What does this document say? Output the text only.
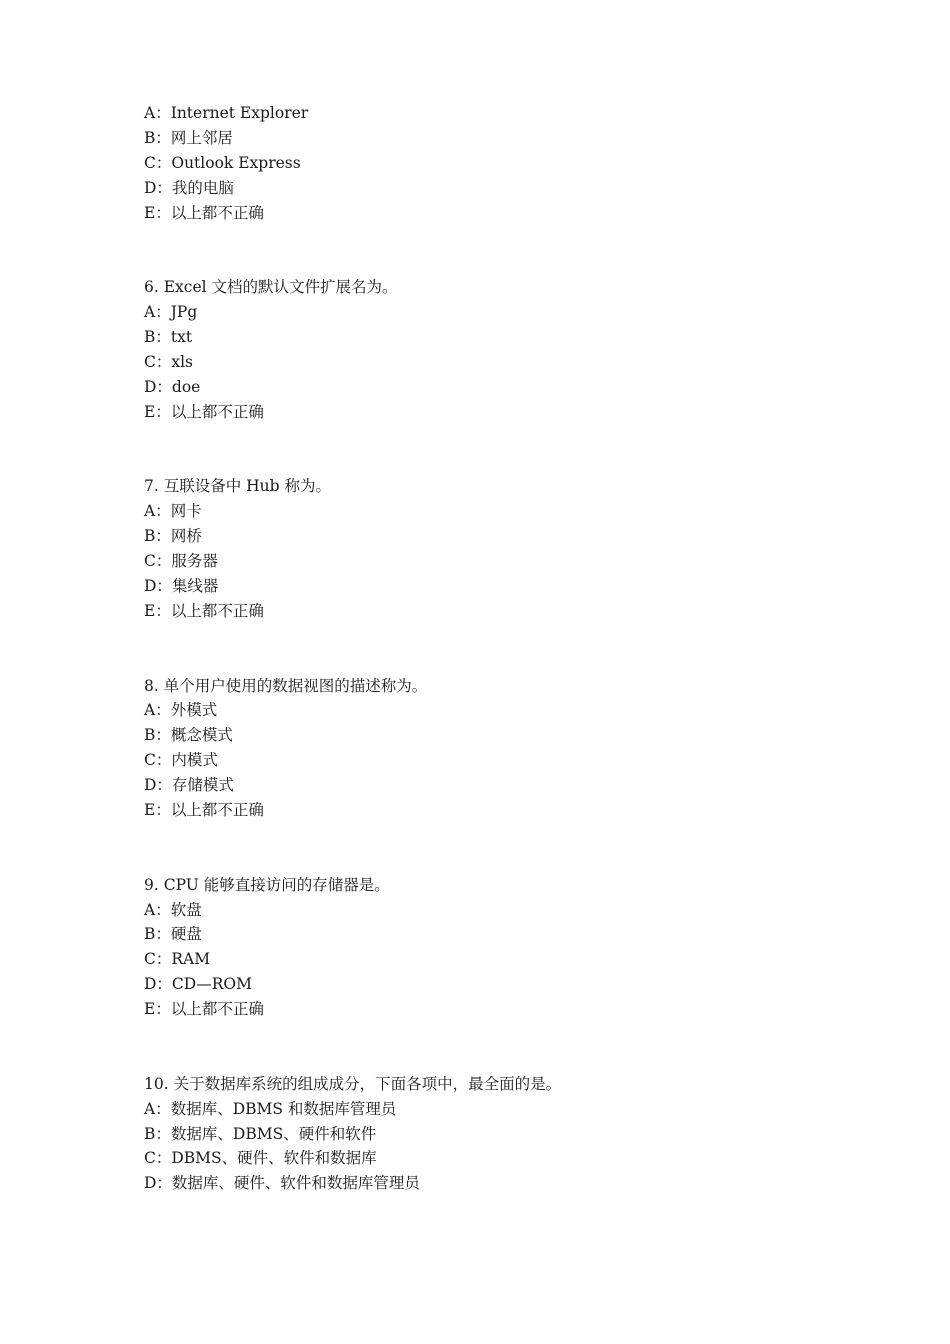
A：Internet Explorer
B：网上邻居
C：Outlook Express
D：我的电脑
E：以上都不正确
6. Excel 文档的默认文件扩展名为。
A：JPg
B：txt
C：xls
D：doe
E：以上都不正确
7. 互联设备中 Hub 称为。
A：网卡
B：网桥
C：服务器
D：集线器
E：以上都不正确
8. 单个用户使用的数据视图的描述称为。
A：外模式
B：概念模式
C：内模式
D：存储模式
E：以上都不正确
9. CPU 能够直接访问的存储器是。
A：软盘
B：硬盘
C：RAM
D：CD—ROM
E：以上都不正确
10. 关于数据库系统的组成成分，下面各项中，最全面的是。
A：数据库、DBMS 和数据库管理员
B：数据库、DBMS、硬件和软件
C：DBMS、硬件、软件和数据库
D：数据库、硬件、软件和数据库管理员
